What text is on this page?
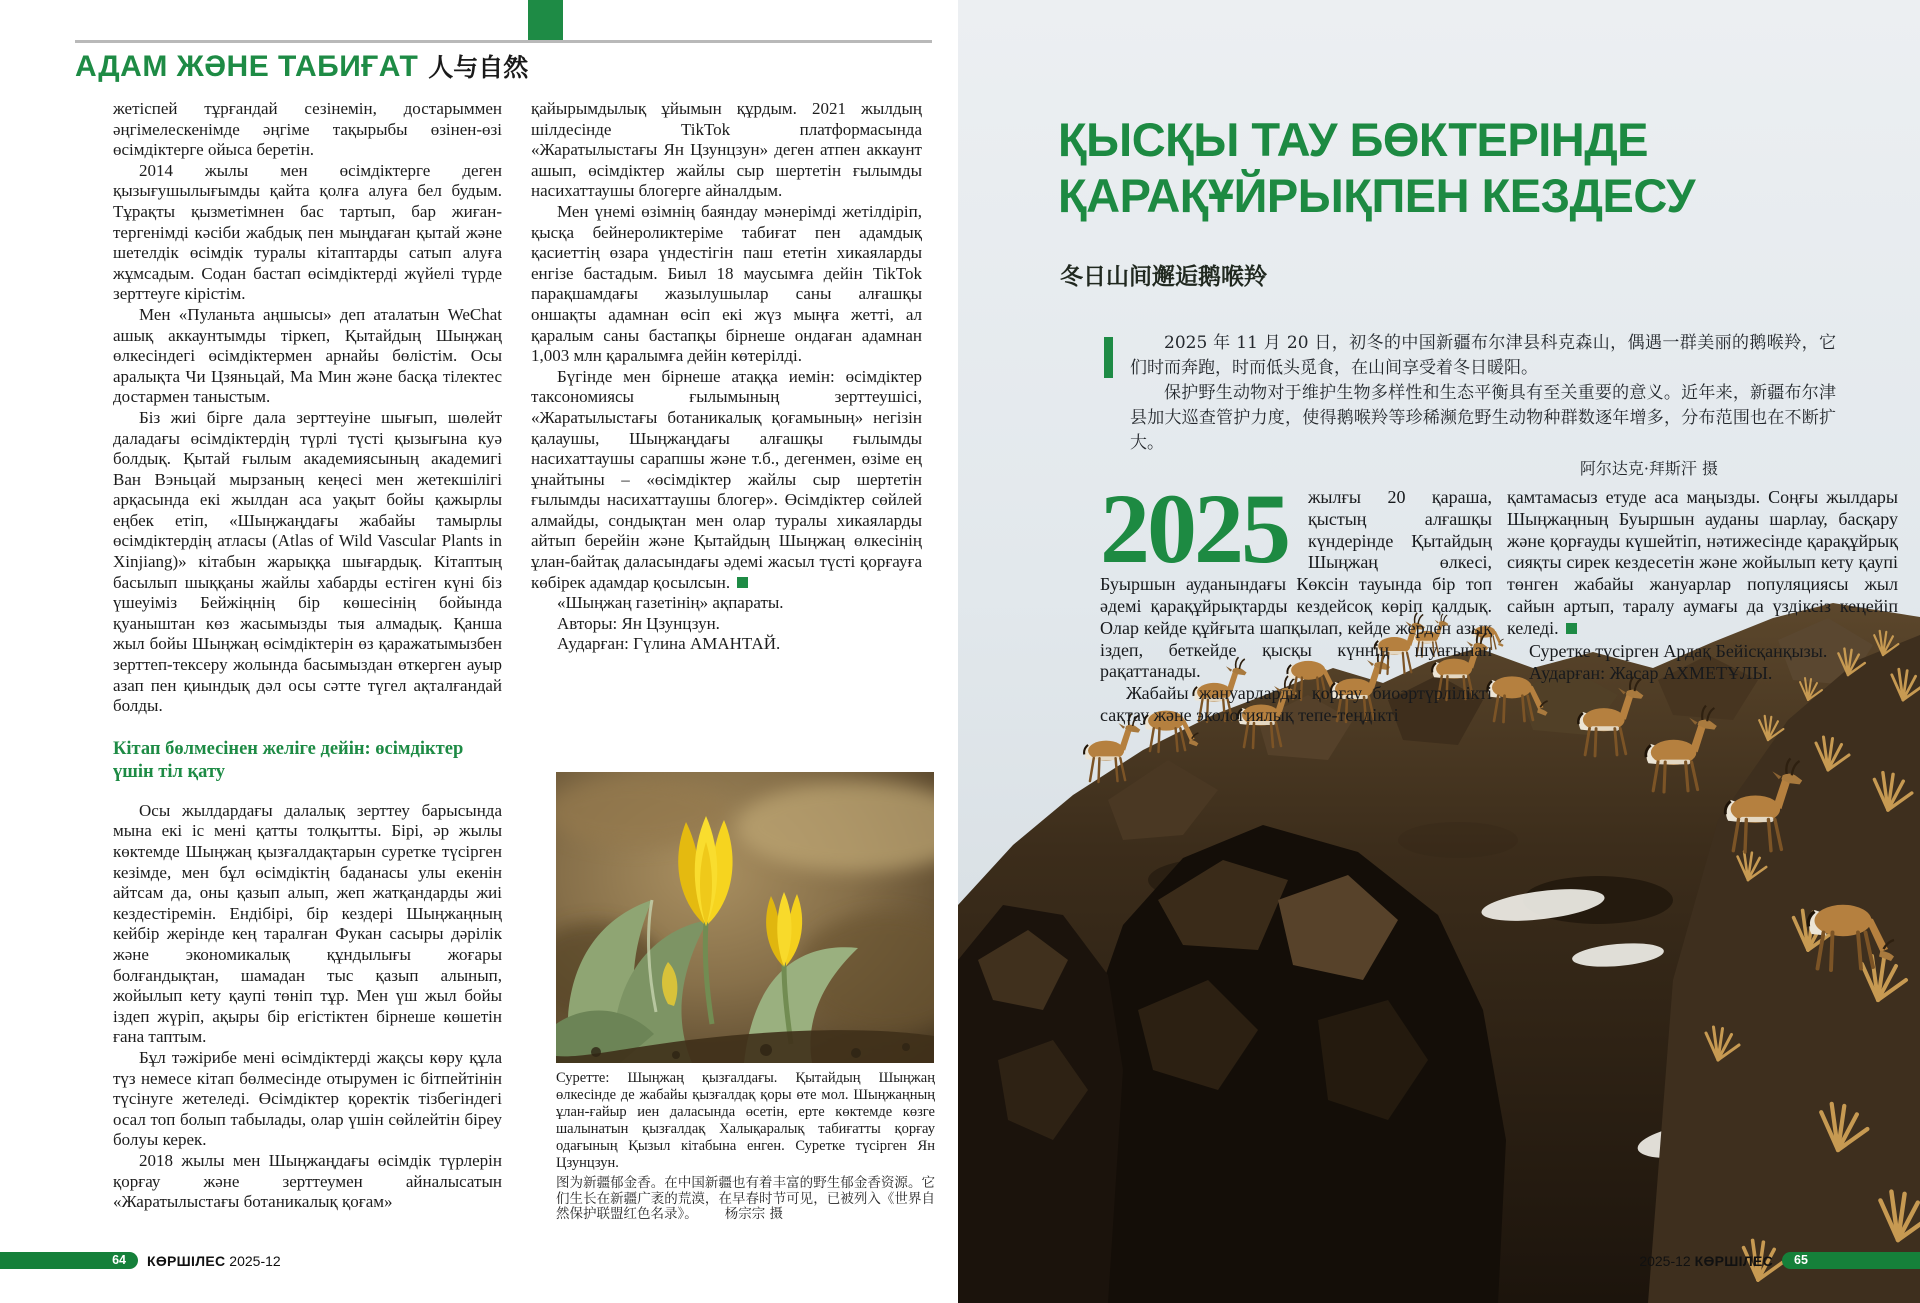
АДАМ ЖӘНЕ ТАБИҒАТ 人与自然

жетіспей тұрғандай сезінемін, достарыммен әңгімелескенімде әңгіме тақырыбы өзінен-өзі өсімдіктерге ойыса беретін.

2014 жылы мен өсімдіктерге деген қызығушылығымды қайта қолға алуға бел будым. Тұрақты қызметімнен бас тартып, бар жиған-тергенімді кәсіби жабдық пен мыңдаған қытай және шетелдік өсімдік туралы кітаптарды сатып алуға жұмсадым. Содан бастап өсімдіктерді жүйелі түрде зерттеуге кірістім.

Мен «Пуланьта аңшысы» деп аталатын WeChat ашық аккаунтымды тіркеп, Қытайдың Шыңжаң өлкесіндегі өсімдіктермен арнайы бөлістім. Осы аралықта Чи Цзяньцай, Ма Мин және басқа тілектес достармен таныстым.

Біз жиі бірге дала зерттеуіне шығып, шөлейт даладағы өсімдіктердің түрлі түсті қызығына куә болдық. Қытай ғылым академиясының академигі Ван Вэньцай мырзаның кеңесі мен жетекшілігі арқасында екі жылдан аса уақыт бойы қажырлы еңбек етіп, «Шыңжаңдағы жабайы тамырлы өсімдіктердің атласы (Atlas of Wild Vascular Plants in Xinjiang)» кітабын жарыққа шығардық. Кітаптың басылып шыққаны жайлы хабарды естіген күні біз үшеуіміз Бейжіңнің бір көшесінің бойында қуаныштан көз жасымызды тыя алмадық. Қанша жыл бойы Шыңжаң өсімдіктерін өз қаражатымызбен зерттеп-тексеру жолында басымыздан өткерген ауыр азап пен қиындық дәл осы сәтте түгел ақталғандай болды.

Кітап бөлмесінен желіге дейін: өсімдіктер үшін тіл қату

Осы жылдардағы далалық зерттеу барысында мына екі іс мені қатты толқытты. Бірі, әр жылы көктемде Шыңжаң қызғалдақтарын суретке түсірген кезімде, мен бұл өсімдіктің баданасы улы екенін айтсам да, оны қазып алып, жеп жатқандарды жиі кездестіремін. Ендібірі, бір кездері Шыңжаңның кейбір жерінде кең таралған Фукан сасыры дәрілік және экономикалық құндылығы жоғары болғандықтан, шамадан тыс қазып алынып, жойылып кету қаупі төніп тұр. Мен үш жыл бойы іздеп жүріп, ақыры бір егістіктен бірнеше көшетін ғана таптым.

Бұл тәжірибе мені өсімдіктерді жақсы көру құла түз немесе кітап бөлмесінде отырумен іс бітпейтінін түсінуге жетеледі. Өсімдіктер қоректік тізбегіндегі осал топ болып табылады, олар үшін сөйлейтін біреу болуы керек.

2018 жылы мен Шыңжаңдағы өсімдік түрлерін қорғау және зерттеумен айналысатын «Жаратылыстағы ботаникалық қоғам»

қайырымдылық ұйымын құрдым. 2021 жылдың шілдесінде TikTok платформасында «Жаратылыстағы Ян Цзунцзун» деген атпен аккаунт ашып, өсімдіктер жайлы сыр шертетін ғылымды насихаттаушы блогерге айналдым.

Мен үнемі өзімнің баяндау мәнерімді жетілдіріп, қысқа бейнероликтеріме табиғат пен адамдық қасиеттің өзара үндестігін паш ететін хикаяларды енгізе бастадым. Биыл 18 маусымға дейін TikTok парақшамдағы жазылушылар саны алғашқы оншақты адамнан өсіп екі жүз мыңға жетті, ал қаралым саны бастапқы бірнеше ондаған адамнан 1,003 млн қаралымға дейін көтерілді.

Бүгінде мен бірнеше атаққа иемін: өсімдіктер таксономиясы ғылымының зерттеушісі, «Жаратылыстағы ботаникалық қоғамының» негізін қалаушы, Шыңжаңдағы алғашқы ғылымды насихаттаушы сарапшы және т.б., дегенмен, өзіме ең ұнайтыны – «өсімдіктер жайлы сыр шертетін ғылымды насихаттаушы блогер». Өсімдіктер сөйлей алмайды, сондықтан мен олар туралы хикаяларды айтып берейін және Қытайдың Шыңжаң өлкесінің ұлан-байтақ даласындағы әдемі жасыл түсті қорғауға көбірек адамдар қосылсын.

«Шыңжаң газетінің» ақпараты.

Авторы: Ян Цзунцзун.

Аударған: Гүлина АМАНТАЙ.

Суретте: Шыңжаң қызғалдағы. Қытайдың Шыңжаң өлкесінде де жабайы қызғалдақ қоры өте мол. Шыңжаңның ұлан-ғайыр иен даласында өсетін, ерте көктемде көзге шалынатын қызғалдақ Халықаралық табиғатты қорғау одағының Қызыл кітабына енген. Суретке түсірген Ян Цзунцзун.

图为新疆郁金香。在中国新疆也有着丰富的野生郁金香资源。它们生长在新疆广袤的荒漠，在早春时节可见，已被列入《世界自然保护联盟红色名录》。 杨宗宗 摄

64 КӨРШІЛЕС 2025-12
ҚЫСҚЫ ТАУ БӨКТЕРІНДЕ
ҚАРАҚҰЙРЫҚПЕН КЕЗДЕСУ
冬日山间邂逅鹅喉羚

2025 年 11 月 20 日，初冬的中国新疆布尔津县科克森山，偶遇一群美丽的鹅喉羚，它们时而奔跑，时而低头觅食，在山间享受着冬日暖阳。

保护野生动物对于维护生物多样性和生态平衡具有至关重要的意义。近年来，新疆布尔津县加大巡查管护力度，使得鹅喉羚等珍稀濒危野生动物种群数逐年增多，分布范围也在不断扩大。

阿尔达克·拜斯汗 摄

2025	жылғы 20 қараша, қыстың алғашқы күндерінде Қытайдың Шыңжаң өлкесі, Буыршын ауданындағы Көксін тауында бір топ әдемі қарақұйрықтарды кездейсоқ көріп қалдық. Олар кейде құйғыта шапқылап, кейде жерден азық іздеп, беткейде қысқы күннің шуағынан рақаттанады.

Жабайы жануарларды қорғау биоәртүрлілікті сақтау және экологиялық тепе-теңдікті

қамтамасыз етуде аса маңызды. Соңғы жылдары Шыңжаңның Буыршын ауданы шарлау, басқару және қорғауды күшейтіп, нәтижесінде қарақұйрық сияқты сирек кездесетін және жойылып кету қаупі төнген жабайы жануарлар популяциясы жыл сайын артып, таралу аумағы да үздіксіз кеңейіп келеді.

Суретке түсірген Ардақ Бейісқанқызы.

Аударған: Жасар АХМЕТҰЛЫ.

2025-12 КӨРШІЛЕС 65
